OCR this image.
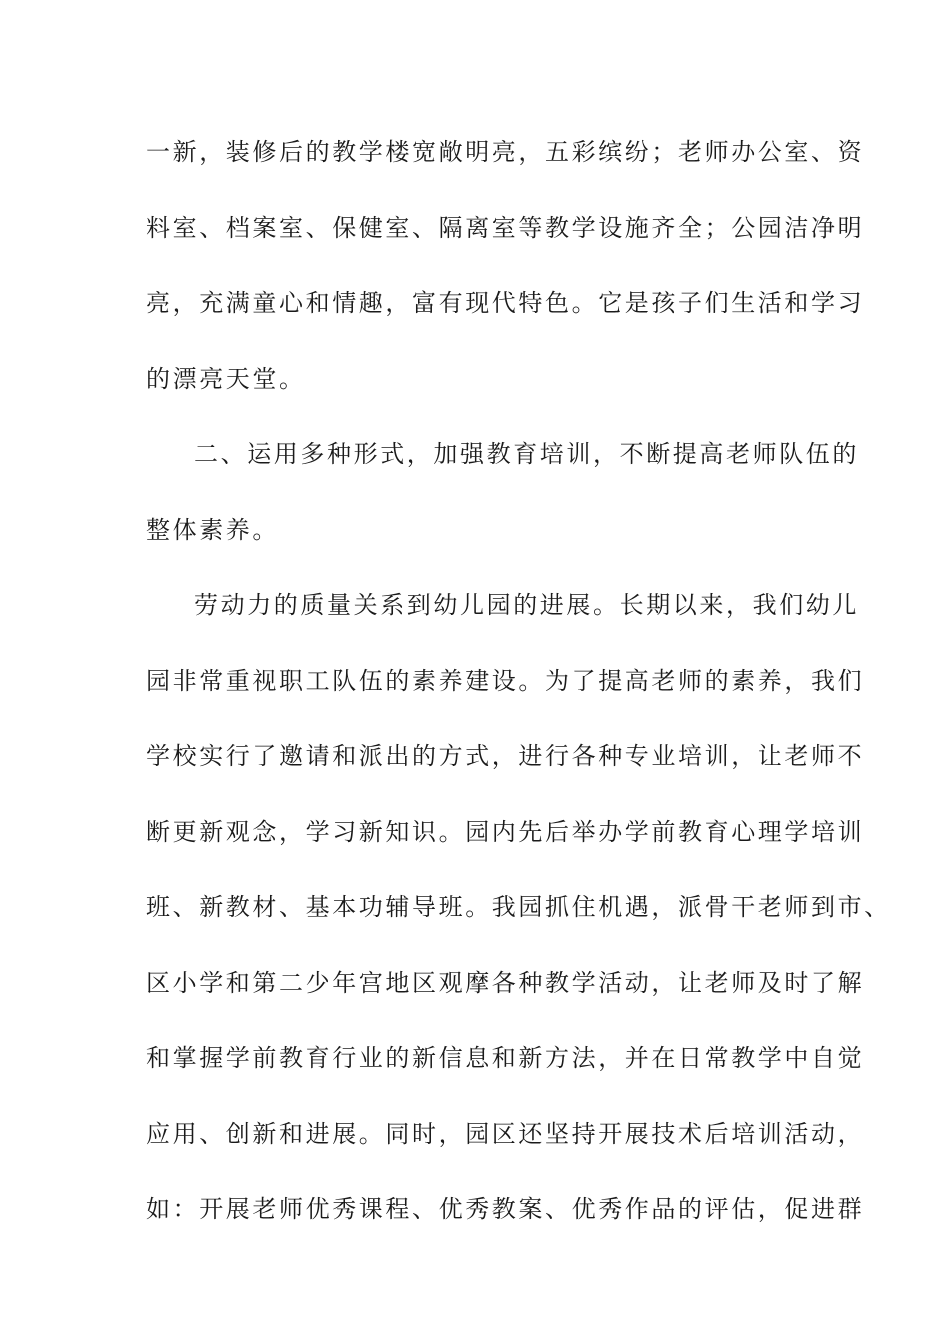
一新，装修后的教学楼宽敞明亮，五彩缤纷；老师办公室、资
料室、档案室、保健室、隔离室等教学设施齐全；公园洁净明
亮，充满童心和情趣，富有现代特色。它是孩子们生活和学习
的漂亮天堂。
二、运用多种形式，加强教育培训，不断提高老师队伍的
整体素养。
劳动力的质量关系到幼儿园的进展。长期以来，我们幼儿
园非常重视职工队伍的素养建设。为了提高老师的素养，我们
学校实行了邀请和派出的方式，进行各种专业培训，让老师不
断更新观念，学习新知识。园内先后举办学前教育心理学培训
班、新教材、基本功辅导班。我园抓住机遇，派骨干老师到市、
区小学和第二少年宫地区观摩各种教学活动，让老师及时了解
和掌握学前教育行业的新信息和新方法，并在日常教学中自觉
应用、创新和进展。同时，园区还坚持开展技术后培训活动，
如：开展老师优秀课程、优秀教案、优秀作品的评估，促进群
